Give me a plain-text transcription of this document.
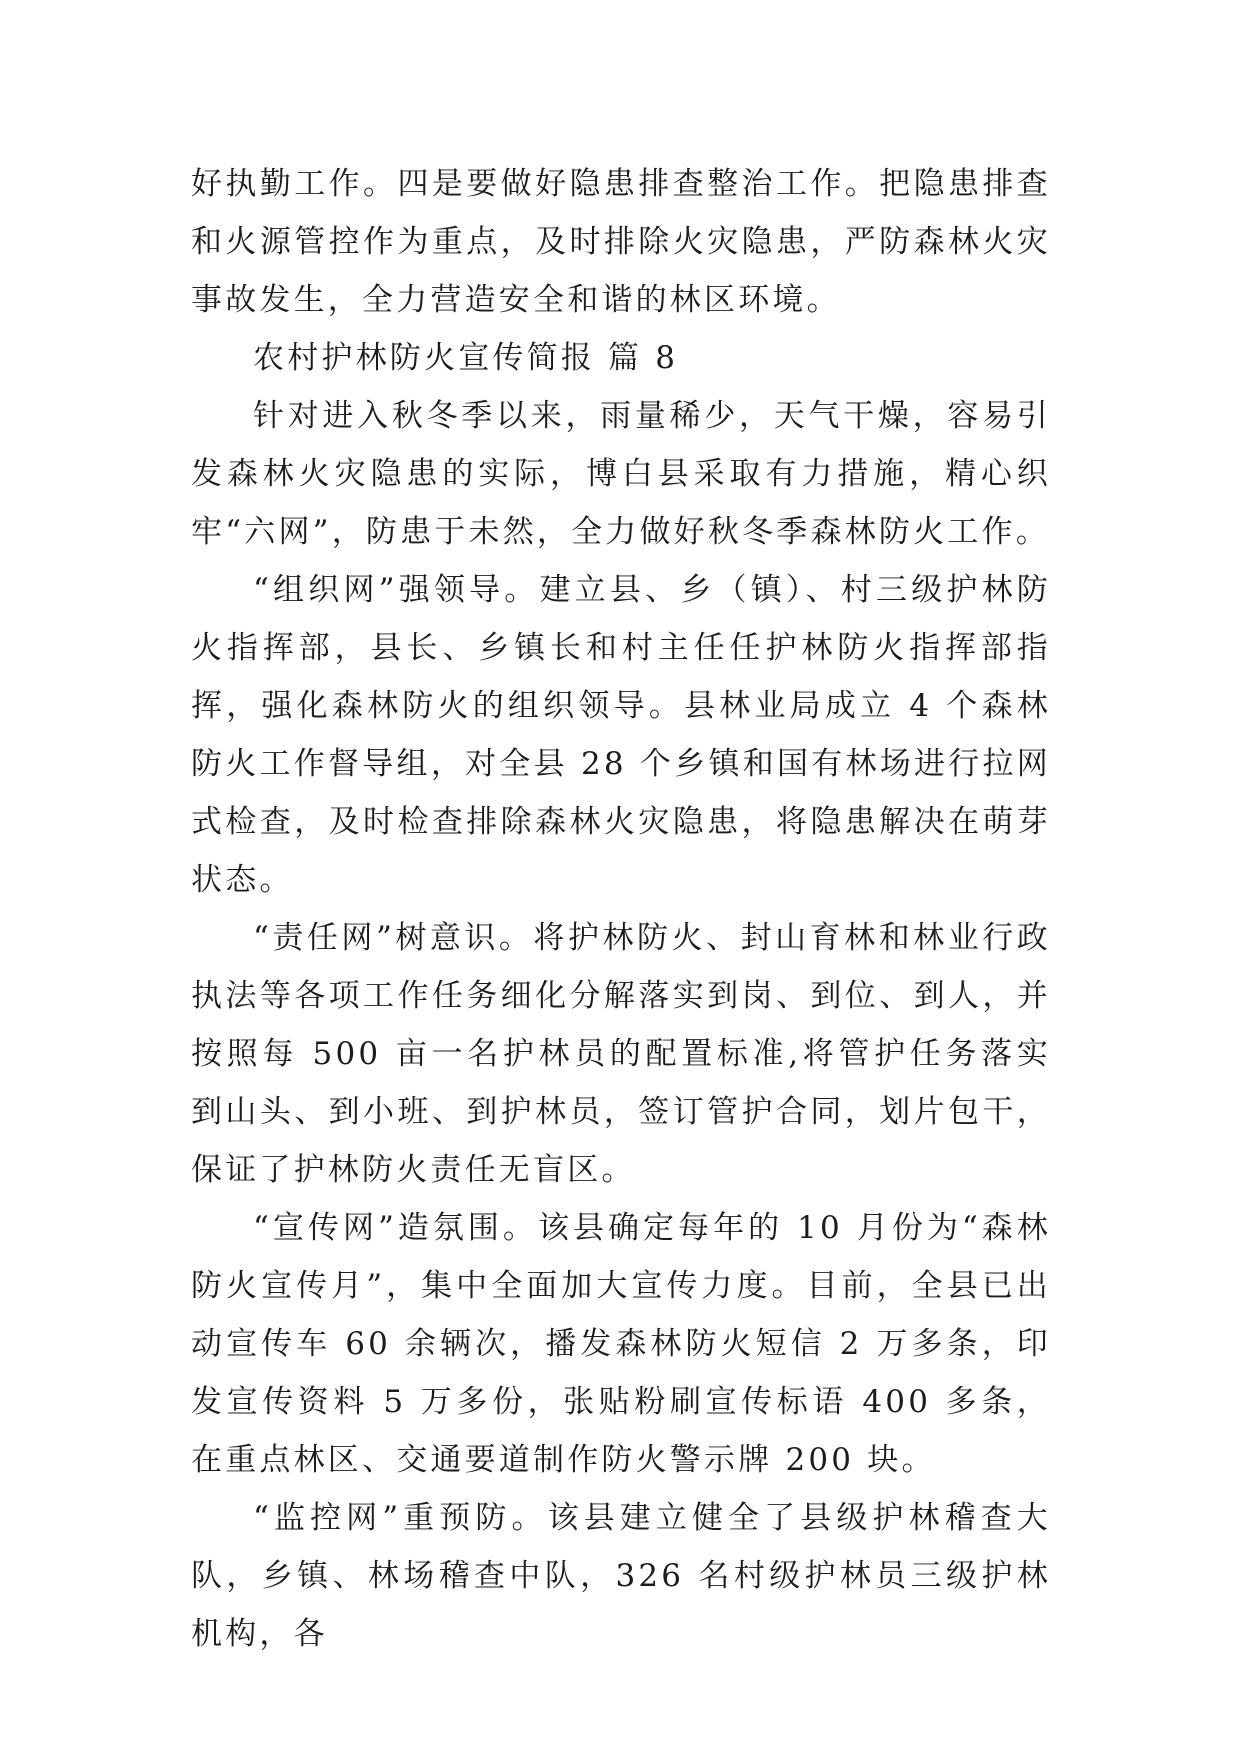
好执勤工作。四是要做好隐患排查整治工作。把隐患排查和火源管控作为重点，及时排除火灾隐患，严防森林火灾事故发生，全力营造安全和谐的林区环境。

农村护林防火宣传简报 篇 8

针对进入秋冬季以来，雨量稀少，天气干燥，容易引发森林火灾隐患的实际，博白县采取有力措施，精心织牢“六网”，防患于未然，全力做好秋冬季森林防火工作。

“组织网”强领导。建立县、乡（镇）、村三级护林防火指挥部，县长、乡镇长和村主任任护林防火指挥部指挥，强化森林防火的组织领导。县林业局成立 4 个森林防火工作督导组，对全县 28 个乡镇和国有林场进行拉网式检查，及时检查排除森林火灾隐患，将隐患解决在萌芽状态。

“责任网”树意识。将护林防火、封山育林和林业行政执法等各项工作任务细化分解落实到岗、到位、到人，并按照每 500 亩一名护林员的配置标准,将管护任务落实到山头、到小班、到护林员，签订管护合同，划片包干，保证了护林防火责任无盲区。

“宣传网”造氛围。该县确定每年的 10 月份为“森林防火宣传月”，集中全面加大宣传力度。目前，全县已出动宣传车 60 余辆次，播发森林防火短信 2 万多条，印发宣传资料 5 万多份，张贴粉刷宣传标语 400 多条，在重点林区、交通要道制作防火警示牌 200 块。

“监控网”重预防。该县建立健全了县级护林稽查大队，乡镇、林场稽查中队，326 名村级护林员三级护林机构，各
